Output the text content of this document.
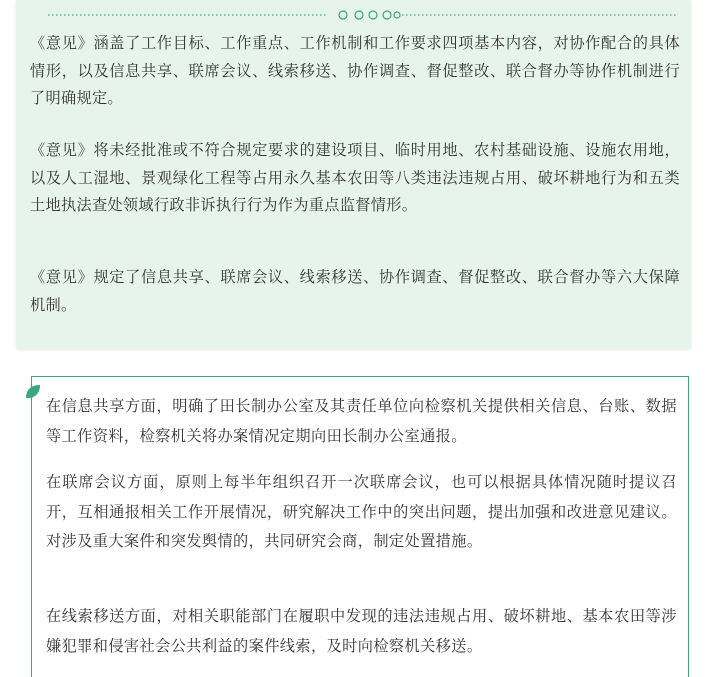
《意见》涵盖了工作目标、工作重点、工作机制和工作要求四项基本内容，对协作配合的具体情形，以及信息共享、联席会议、线索移送、协作调查、督促整改、联合督办等协作机制进行了明确规定。

《意见》将未经批准或不符合规定要求的建设项目、临时用地、农村基础设施、设施农用地，以及人工湿地、景观绿化工程等占用永久基本农田等八类违法违规占用、破坏耕地行为和五类土地执法查处领域行政非诉执行行为作为重点监督情形。

《意见》规定了信息共享、联席会议、线索移送、协作调查、督促整改、联合督办等六大保障机制。

在信息共享方面，明确了田长制办公室及其责任单位向检察机关提供相关信息、台账、数据等工作资料，检察机关将办案情况定期向田长制办公室通报。

在联席会议方面，原则上每半年组织召开一次联席会议，也可以根据具体情况随时提议召开，互相通报相关工作开展情况，研究解决工作中的突出问题，提出加强和改进意见建议。对涉及重大案件和突发舆情的，共同研究会商，制定处置措施。

在线索移送方面，对相关职能部门在履职中发现的违法违规占用、破坏耕地、基本农田等涉嫌犯罪和侵害社会公共利益的案件线索，及时向检察机关移送。
